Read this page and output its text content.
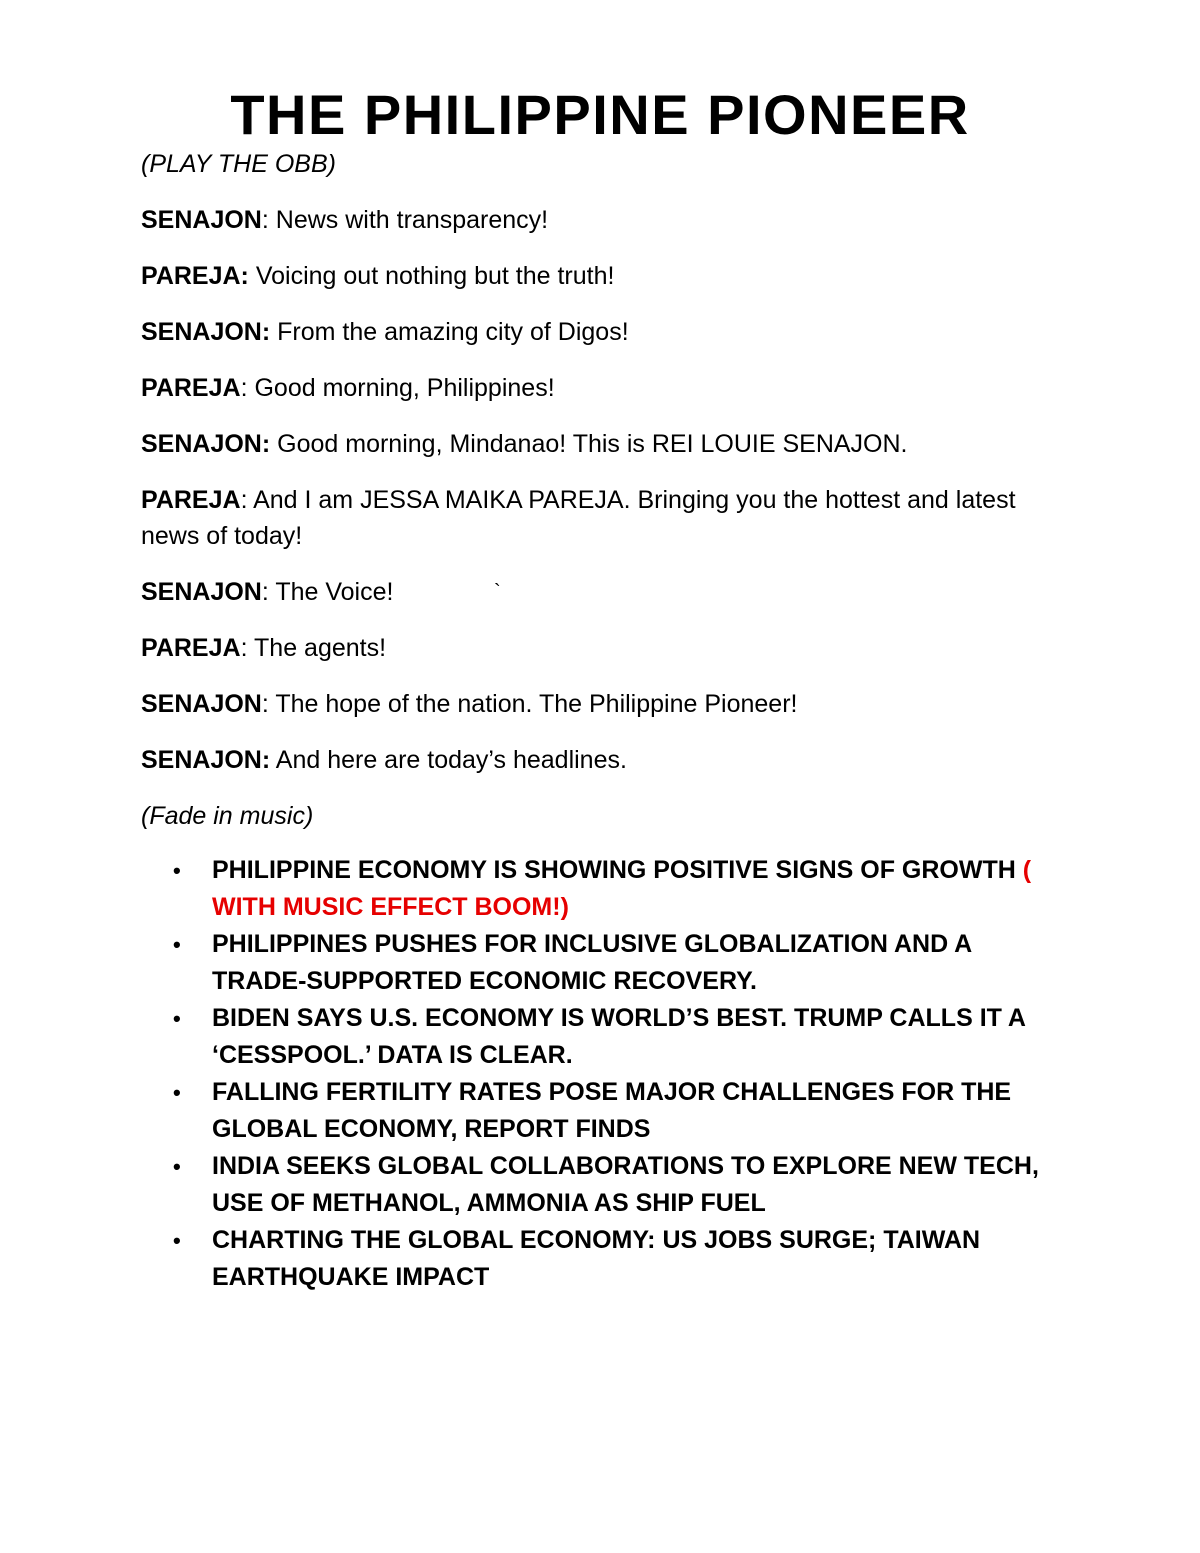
THE PHILIPPINE PIONEER
(PLAY THE OBB)
SENAJON: News with transparency!
PAREJA: Voicing out nothing but the truth!
SENAJON: From the amazing city of Digos!
PAREJA: Good morning, Philippines!
SENAJON: Good morning, Mindanao! This is REI LOUIE SENAJON.
PAREJA: And I am JESSA MAIKA PAREJA. Bringing you the hottest and latest news of today!
SENAJON: The Voice!	`
PAREJA: The agents!
SENAJON: The hope of the nation. The Philippine Pioneer!
SENAJON: And here are today’s headlines.
(Fade in music)
• PHILIPPINE ECONOMY IS SHOWING POSITIVE SIGNS OF GROWTH ( WITH MUSIC EFFECT BOOM!)
• PHILIPPINES PUSHES FOR INCLUSIVE GLOBALIZATION AND A TRADE-SUPPORTED ECONOMIC RECOVERY.
• BIDEN SAYS U.S. ECONOMY IS WORLD’S BEST. TRUMP CALLS IT A ‘CESSPOOL.’ DATA IS CLEAR.
• FALLING FERTILITY RATES POSE MAJOR CHALLENGES FOR THE GLOBAL ECONOMY, REPORT FINDS
• INDIA SEEKS GLOBAL COLLABORATIONS TO EXPLORE NEW TECH, USE OF METHANOL, AMMONIA AS SHIP FUEL
• CHARTING THE GLOBAL ECONOMY: US JOBS SURGE; TAIWAN EARTHQUAKE IMPACT
